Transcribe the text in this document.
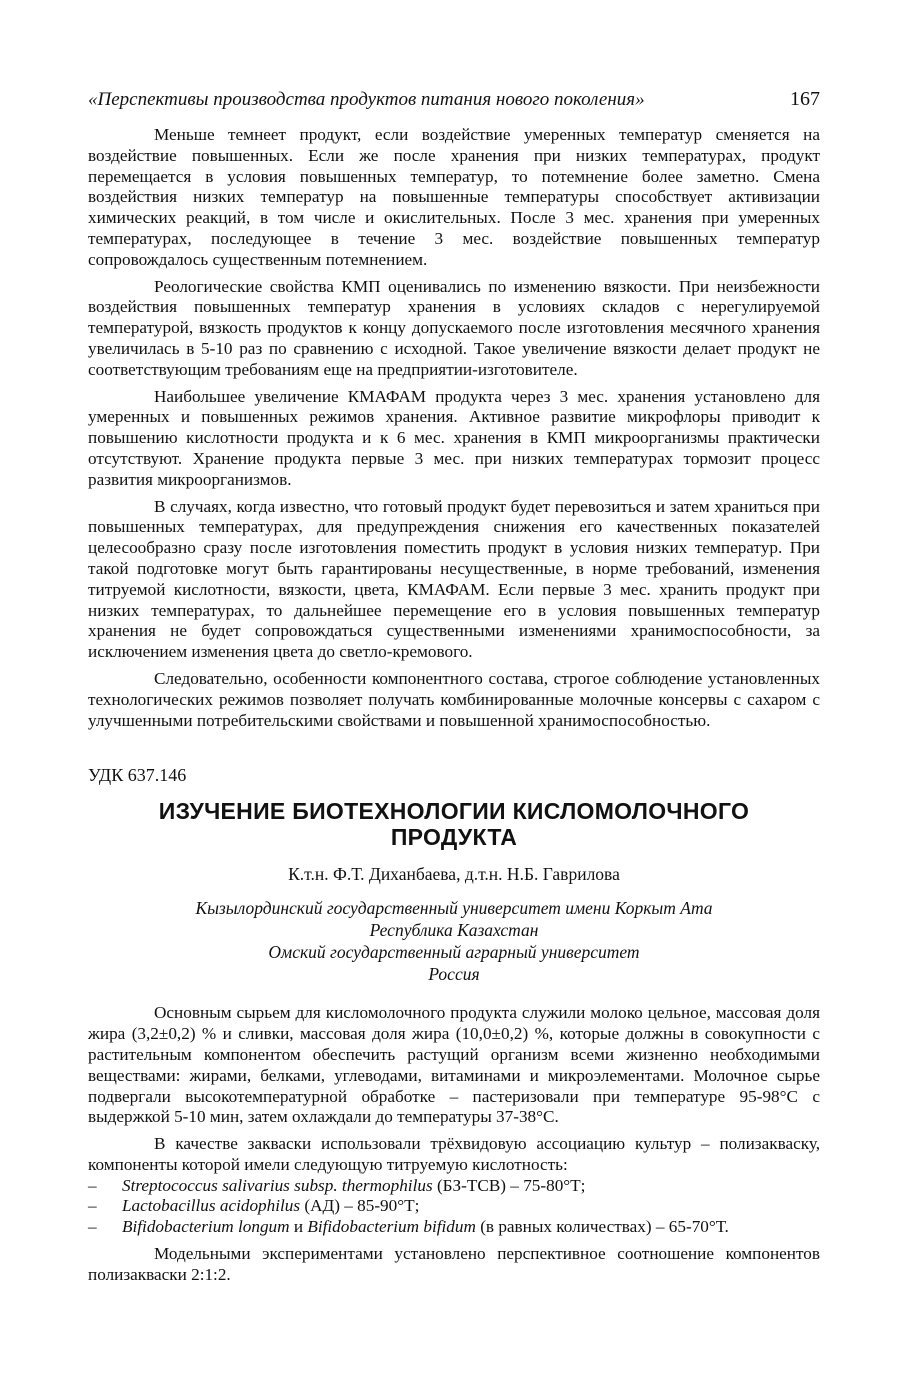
«Перспективы производства продуктов питания нового поколения»	167

Меньше темнеет продукт, если воздействие умеренных температур сменяется на воздействие повышенных. Если же после хранения при низких температурах, продукт перемещается в условия повышенных температур, то потемнение более заметно. Смена воздействия низких температур на повышенные температуры способствует активизации химических реакций, в том числе и окислительных. После 3 мес. хранения при умеренных температурах, последующее в течение 3 мес. воздействие повышенных температур сопровождалось существенным потемнением.

Реологические свойства КМП оценивались по изменению вязкости. При неизбежности воздействия повышенных температур хранения в условиях складов с нерегулируемой температурой, вязкость продуктов к концу допускаемого после изготовления месячного хранения увеличилась в 5-10 раз по сравнению с исходной. Такое увеличение вязкости делает продукт не соответствующим требованиям еще на предприятии-изготовителе.

Наибольшее увеличение КМАФАМ продукта через 3 мес. хранения установлено для умеренных и повышенных режимов хранения. Активное развитие микрофлоры приводит к повышению кислотности продукта и к 6 мес. хранения в КМП микроорганизмы практически отсутствуют. Хранение продукта первые 3 мес. при низких температурах тормозит процесс развития микроорганизмов.

В случаях, когда известно, что готовый продукт будет перевозиться и затем храниться при повышенных температурах, для предупреждения снижения его качественных показателей целесообразно сразу после изготовления поместить продукт в условия низких температур. При такой подготовке могут быть гарантированы несущественные, в норме требований, изменения титруемой кислотности, вязкости, цвета, КМАФАМ. Если первые 3 мес. хранить продукт при низких температурах, то дальнейшее перемещение его в условия повышенных температур хранения не будет сопровождаться существенными изменениями хранимоспособности, за исключением изменения цвета до светло-кремового.

Следовательно, особенности компонентного состава, строгое соблюдение установленных технологических режимов позволяет получать комбинированные молочные консервы с сахаром с улучшенными потребительскими свойствами и повышенной хранимоспособностью.

УДК 637.146
ИЗУЧЕНИЕ БИОТЕХНОЛОГИИ КИСЛОМОЛОЧНОГО
ПРОДУКТА
К.т.н. Ф.Т. Диханбаева, д.т.н. Н.Б. Гаврилова
Кызылординский государственный университет имени Коркыт Ата
Республика Казахстан
Омский государственный аграрный университет
Россия

Основным сырьем для кисломолочного продукта служили молоко цельное, массовая доля жира (3,2±0,2) % и сливки, массовая доля жира (10,0±0,2) %, которые должны в совокупности с растительным компонентом обеспечить растущий организм всеми жизненно необходимыми веществами: жирами, белками, углеводами, витаминами и микроэлементами. Молочное сырье подвергали высокотемпературной обработке – пастеризовали при температуре 95-98°С с выдержкой 5-10 мин, затем охлаждали до температуры 37-38°С.

В качестве закваски использовали трёхвидовую ассоциацию культур – полизакваску, компоненты которой имели следующую титруемую кислотность:

– Streptococcus salivarius subsp. thermophilus (БЗ-ТСВ) – 75-80°Т;
– Lactobacillus acidophilus (АД) – 85-90°Т;
– Bifidobacterium longum и Bifidobacterium bifidum (в равных количествах) – 65-70°Т.

Модельными экспериментами установлено перспективное соотношение компонентов полизакваски 2:1:2.
